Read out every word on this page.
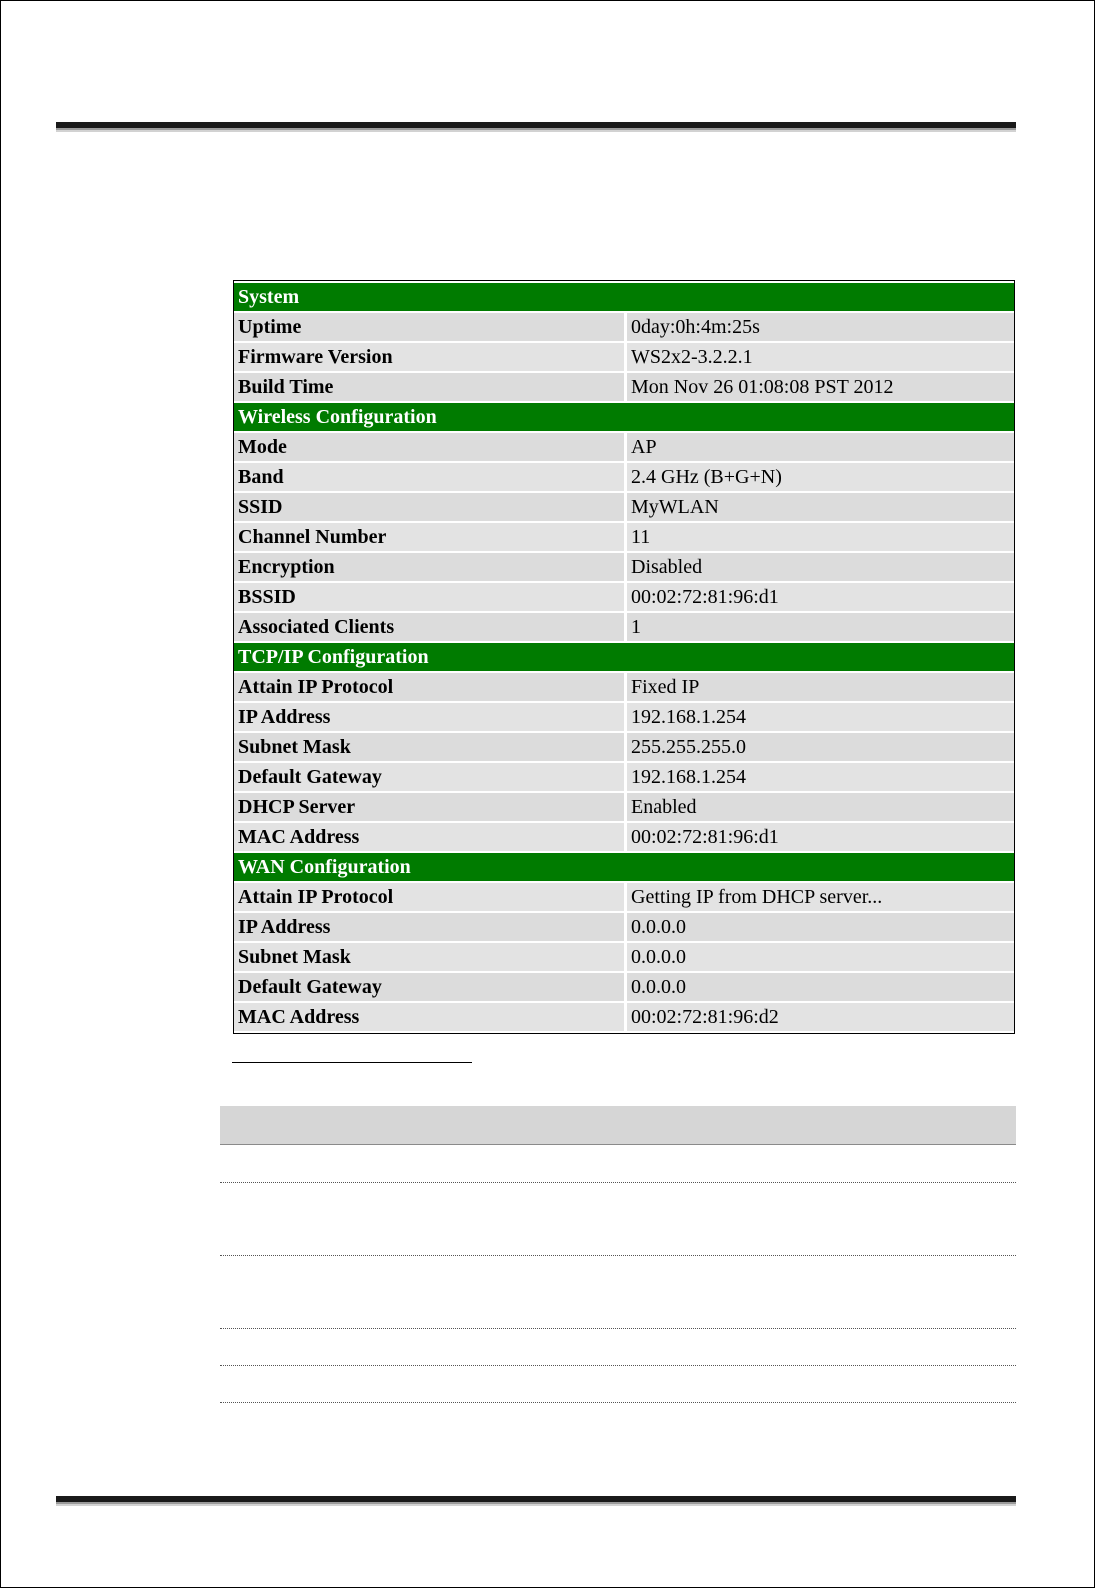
System	
Uptime	0day:0h:4m:25s
Firmware Version	WS2x2-3.2.2.1
Build Time	Mon Nov 26 01:08:08 PST 2012
Wireless Configuration	
Mode	AP
Band	2.4 GHz (B+G+N)
SSID	MyWLAN
Channel Number	11
Encryption	Disabled
BSSID	00:02:72:81:96:d1
Associated Clients	1
TCP/IP Configuration	
Attain IP Protocol	Fixed IP
IP Address	192.168.1.254
Subnet Mask	255.255.255.0
Default Gateway	192.168.1.254
DHCP Server	Enabled
MAC Address	00:02:72:81:96:d1
WAN Configuration	
Attain IP Protocol	Getting IP from DHCP server...
IP Address	0.0.0.0
Subnet Mask	0.0.0.0
Default Gateway	0.0.0.0
MAC Address	00:02:72:81:96:d2
